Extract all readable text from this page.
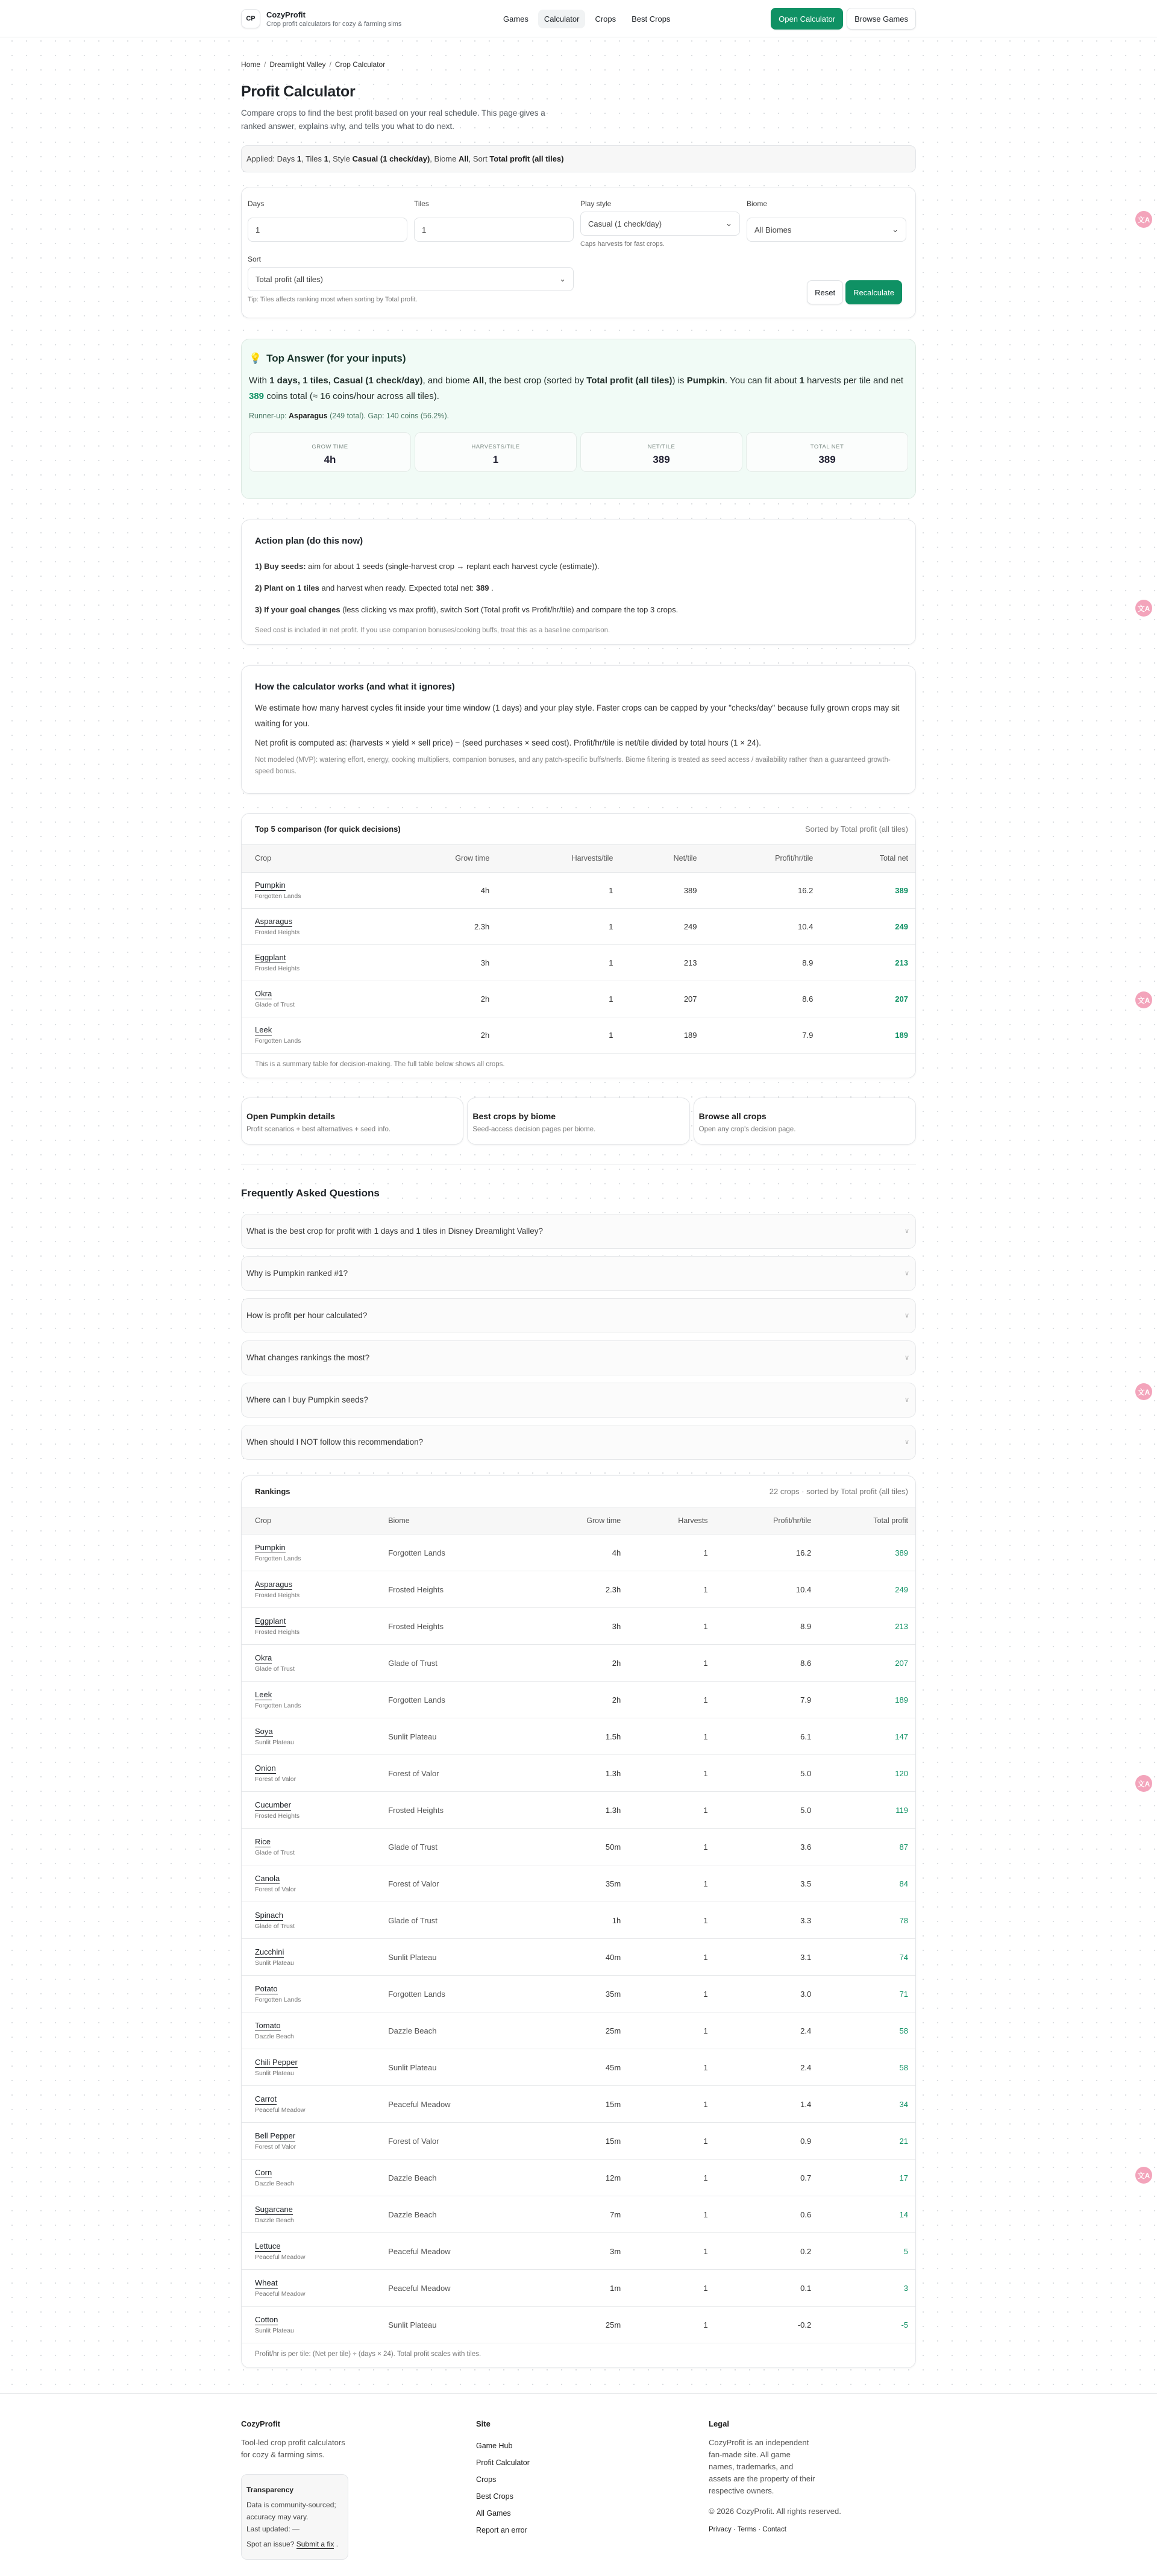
CP	CozyProfit
Crop profit calculators for cozy & farming sims
Games	Calculator	Crops	Best Crops	Open Calculator	Browse Games
Home / Dreamlight Valley / Crop Calculator
Profit Calculator

Compare crops to find the best profit based on your real schedule. This page gives a ranked answer, explains why, and tells you what to do next.

Applied: Days 1, Tiles 1, Style Casual (1 check/day), Biome All, Sort Total profit (all tiles)
Days
1
Tiles
1
Play style
Casual (1 check/day)	⌄
Caps harvests for fast crops.
Biome
All Biomes	⌄
Sort
Total profit (all tiles)	⌄
Tip: Tiles affects ranking most when sorting by Total profit.
Reset	Recalculate
💡 Top Answer (for your inputs)

With 1 days, 1 tiles, Casual (1 check/day), and biome All, the best crop (sorted by Total profit (all tiles)) is Pumpkin. You can fit about 1 harvests per tile and net 389 coins total (≈ 16 coins/hour across all tiles).

Runner-up: Asparagus (249 total). Gap: 140 coins (56.2%).
GROW TIME
4h
HARVESTS/TILE
1
NET/TILE
389
TOTAL NET
389
Action plan (do this now)
1) Buy seeds: aim for about 1 seeds (single-harvest crop → replant each harvest cycle (estimate)).
2) Plant on 1 tiles and harvest when ready. Expected total net: 389 .
3) If your goal changes (less clicking vs max profit), switch Sort (Total profit vs Profit/hr/tile) and compare the top 3 crops.
Seed cost is included in net profit. If you use companion bonuses/cooking buffs, treat this as a baseline comparison.
How the calculator works (and what it ignores)
We estimate how many harvest cycles fit inside your time window (1 days) and your play style. Faster crops can be capped by your "checks/day" because fully grown crops may sit waiting for you.
Net profit is computed as: (harvests × yield × sell price) − (seed purchases × seed cost). Profit/hr/tile is net/tile divided by total hours (1 × 24).
Not modeled (MVP): watering effort, energy, cooking multipliers, companion bonuses, and any patch-specific buffs/nerfs. Biome filtering is treated as seed access / availability rather than a guaranteed growth-speed bonus.
Top 5 comparison (for quick decisions)	Sorted by Total profit (all tiles)
Crop	Grow time	Harvests/tile	Net/tile	Profit/hr/tile	Total net
Pumpkin
Forgotten Lands	4h	1	389	16.2	389
Asparagus
Frosted Heights	2.3h	1	249	10.4	249
Eggplant
Frosted Heights	3h	1	213	8.9	213
Okra
Glade of Trust	2h	1	207	8.6	207
Leek
Forgotten Lands	2h	1	189	7.9	189
This is a summary table for decision-making. The full table below shows all crops.
Open Pumpkin details
Profit scenarios + best alternatives + seed info.
Best crops by biome
Seed-access decision pages per biome.
Browse all crops
Open any crop's decision page.
Frequently Asked Questions
What is the best crop for profit with 1 days and 1 tiles in Disney Dreamlight Valley?	∨
Why is Pumpkin ranked #1?	∨
How is profit per hour calculated?	∨
What changes rankings the most?	∨
Where can I buy Pumpkin seeds?	∨
When should I NOT follow this recommendation?	∨
Rankings	22 crops · sorted by Total profit (all tiles)
Crop	Biome	Grow time	Harvests	Profit/hr/tile	Total profit
Pumpkin
Forgotten Lands	Forgotten Lands	4h	1	16.2	389
Asparagus
Frosted Heights	Frosted Heights	2.3h	1	10.4	249
Eggplant
Frosted Heights	Frosted Heights	3h	1	8.9	213
Okra
Glade of Trust	Glade of Trust	2h	1	8.6	207
Leek
Forgotten Lands	Forgotten Lands	2h	1	7.9	189
Soya
Sunlit Plateau	Sunlit Plateau	1.5h	1	6.1	147
Onion
Forest of Valor	Forest of Valor	1.3h	1	5.0	120
Cucumber
Frosted Heights	Frosted Heights	1.3h	1	5.0	119
Rice
Glade of Trust	Glade of Trust	50m	1	3.6	87
Canola
Forest of Valor	Forest of Valor	35m	1	3.5	84
Spinach
Glade of Trust	Glade of Trust	1h	1	3.3	78
Zucchini
Sunlit Plateau	Sunlit Plateau	40m	1	3.1	74
Potato
Forgotten Lands	Forgotten Lands	35m	1	3.0	71
Tomato
Dazzle Beach	Dazzle Beach	25m	1	2.4	58
Chili Pepper
Sunlit Plateau	Sunlit Plateau	45m	1	2.4	58
Carrot
Peaceful Meadow	Peaceful Meadow	15m	1	1.4	34
Bell Pepper
Forest of Valor	Forest of Valor	15m	1	0.9	21
Corn
Dazzle Beach	Dazzle Beach	12m	1	0.7	17
Sugarcane
Dazzle Beach	Dazzle Beach	7m	1	0.6	14
Lettuce
Peaceful Meadow	Peaceful Meadow	3m	1	0.2	5
Wheat
Peaceful Meadow	Peaceful Meadow	1m	1	0.1	3
Cotton
Sunlit Plateau	Sunlit Plateau	25m	1	-0.2	-5
Profit/hr is per tile: (Net per tile) ÷ (days × 24). Total profit scales with tiles.
CozyProfit
Tool-led crop profit calculators for cozy & farming sims.
Transparency
Data is community-sourced; accuracy may vary.
Last updated: —
Spot an issue? Submit a fix .
Site
Game Hub
Profit Calculator
Crops
Best Crops
All Games
Report an error
Legal
CozyProfit is an independent fan-made site. All game names, trademarks, and assets are the property of their respective owners.
© 2026 CozyProfit. All rights reserved.
Privacy · Terms · Contact
文A
文A
文A
文A
文A
文A
